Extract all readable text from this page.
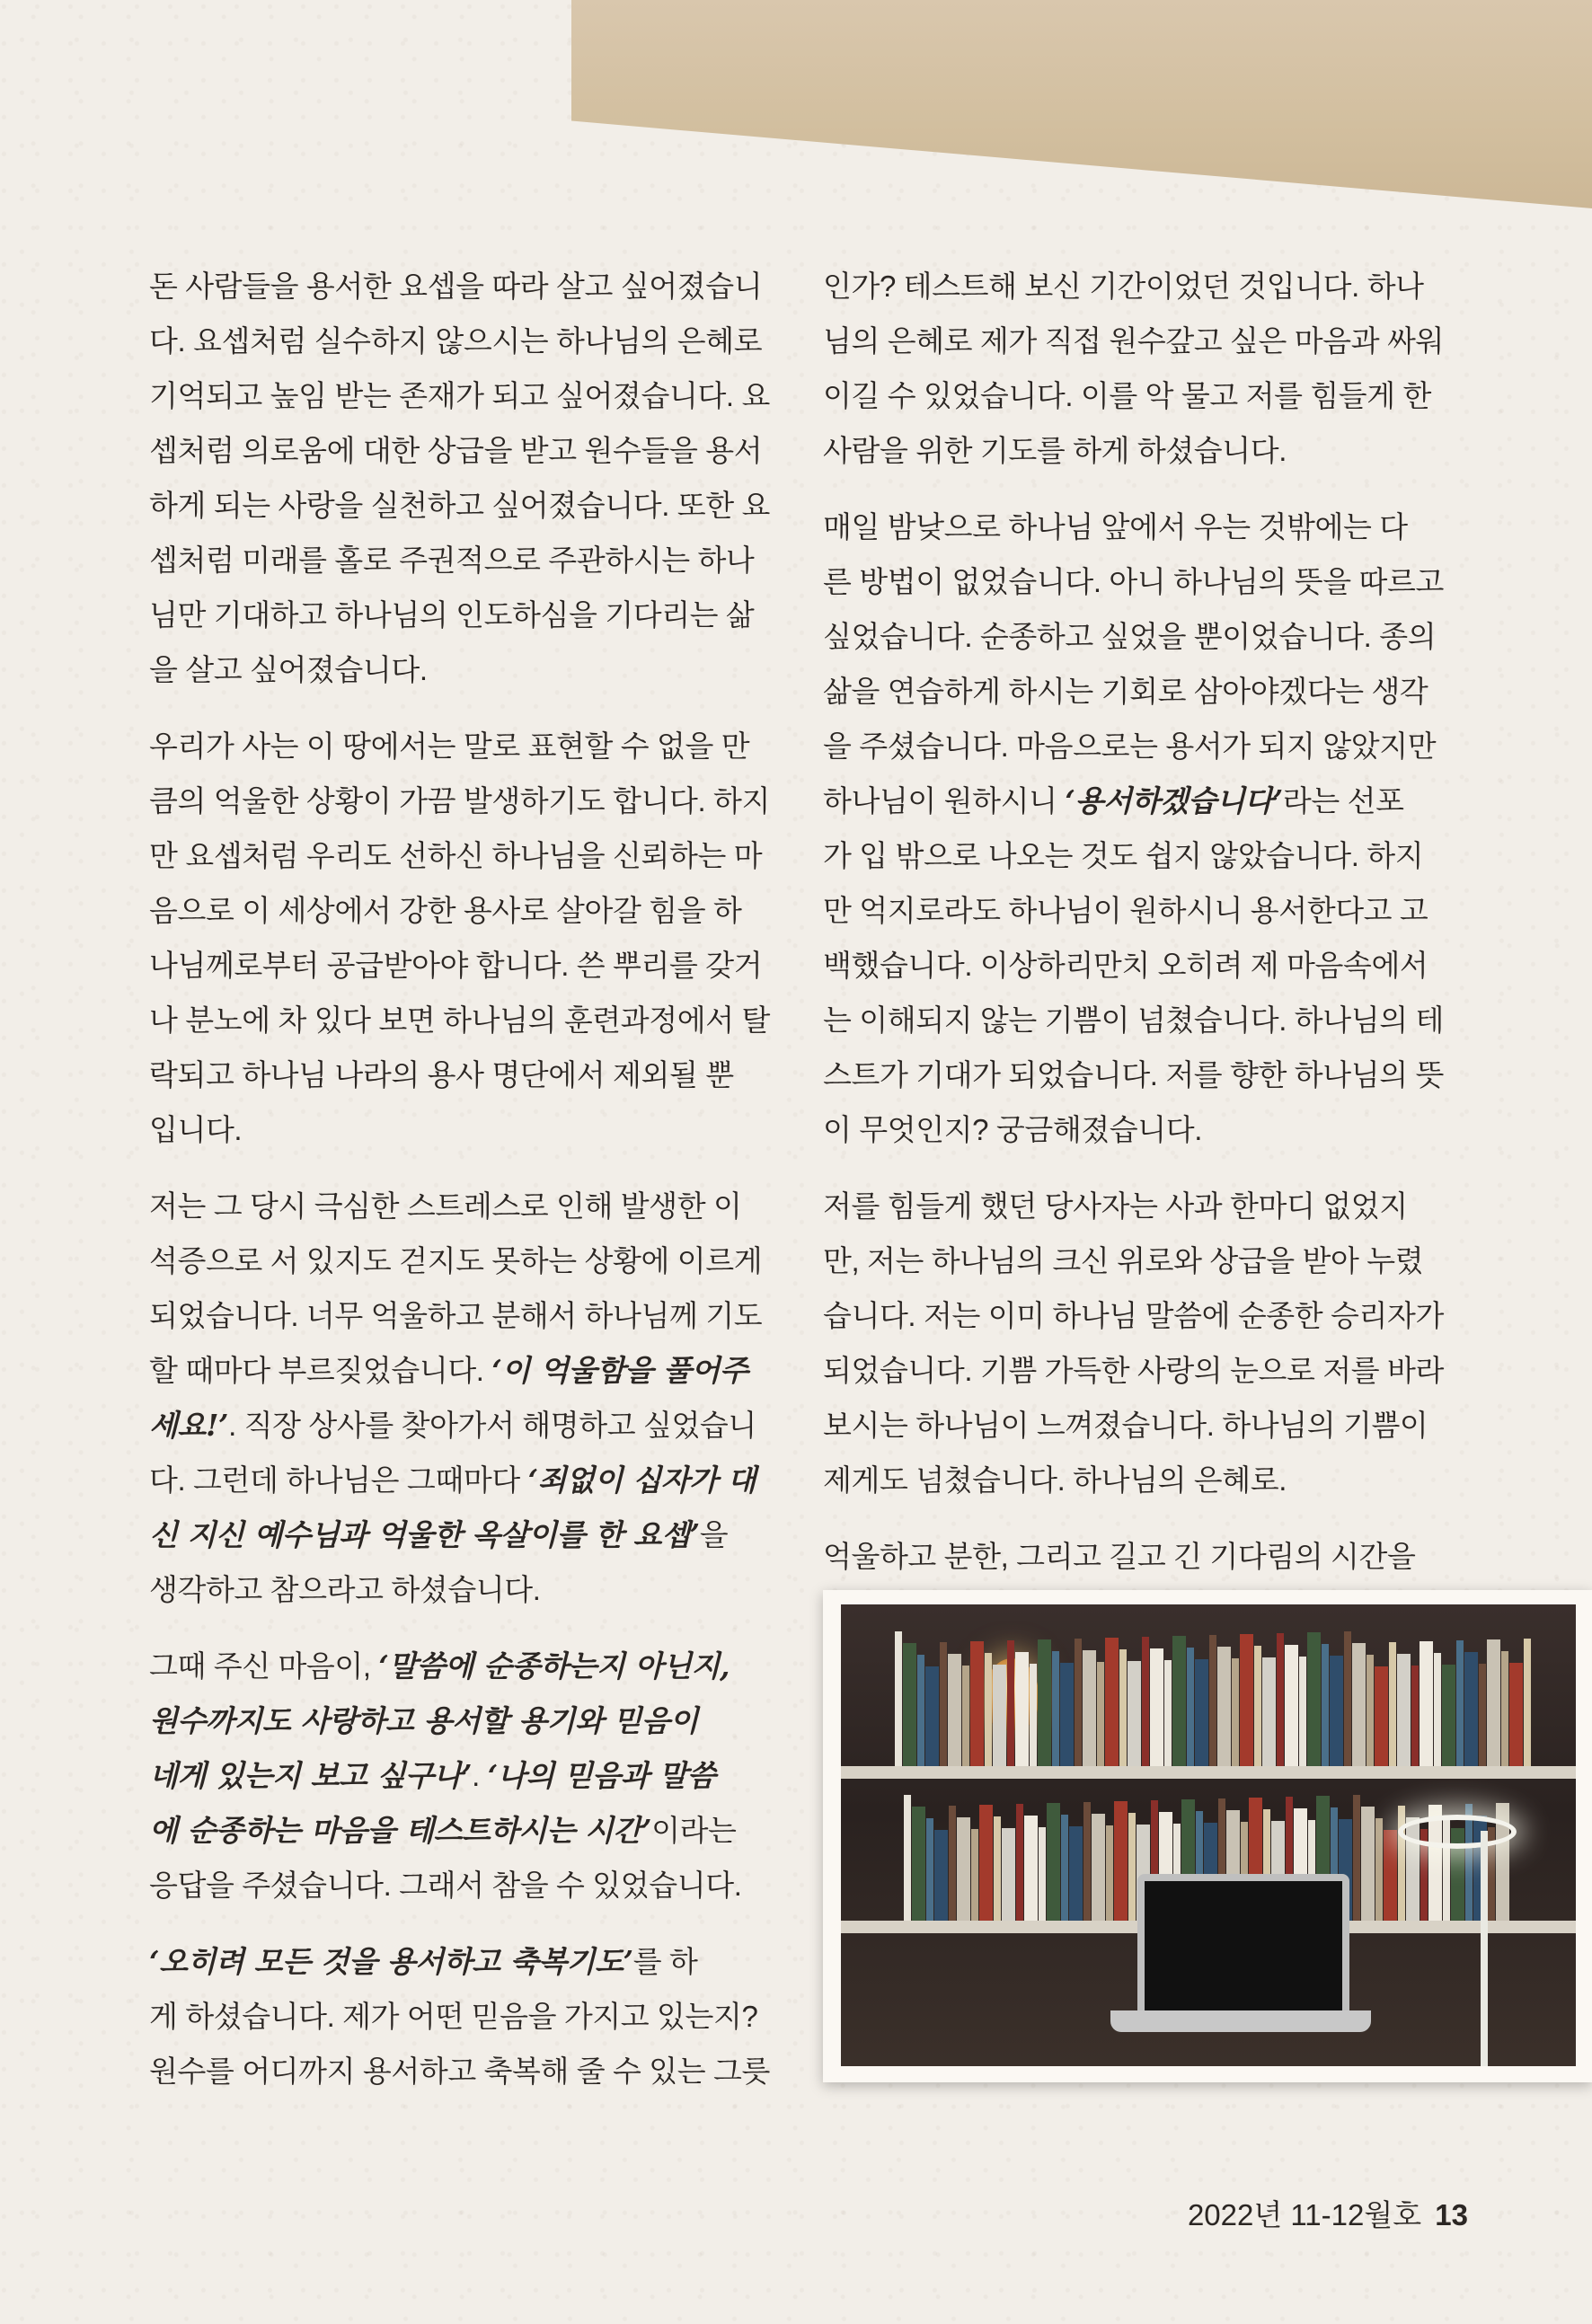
돈 사람들을 용서한 요셉을 따라 살고 싶어졌습니
다. 요셉처럼 실수하지 않으시는 하나님의 은혜로
기억되고 높임 받는 존재가 되고 싶어졌습니다. 요
셉처럼 의로움에 대한 상급을 받고 원수들을 용서
하게 되는 사랑을 실천하고 싶어졌습니다. 또한 요
셉처럼 미래를 홀로 주권적으로 주관하시는 하나
님만 기대하고 하나님의 인도하심을 기다리는 삶
을 살고 싶어졌습니다.

우리가 사는 이 땅에서는 말로 표현할 수 없을 만
큼의 억울한 상황이 가끔 발생하기도 합니다. 하지
만 요셉처럼 우리도 선하신 하나님을 신뢰하는 마
음으로 이 세상에서 강한 용사로 살아갈 힘을 하
나님께로부터 공급받아야 합니다. 쓴 뿌리를 갖거
나 분노에 차 있다 보면 하나님의 훈련과정에서 탈
락되고 하나님 나라의 용사 명단에서 제외될 뿐
입니다.

저는 그 당시 극심한 스트레스로 인해 발생한 이
석증으로 서 있지도 걷지도 못하는 상황에 이르게
되었습니다. 너무 억울하고 분해서 하나님께 기도
할 때마다 부르짖었습니다. ‘이 억울함을 풀어주
세요!’. 직장 상사를 찾아가서 해명하고 싶었습니
다. 그런데 하나님은 그때마다 ‘죄없이 십자가 대
신 지신 예수님과 억울한 옥살이를 한 요셉’을
생각하고 참으라고 하셨습니다.

그때 주신 마음이, ‘말씀에 순종하는지 아닌지,
원수까지도 사랑하고 용서할 용기와 믿음이
네게 있는지 보고 싶구나’. ‘나의 믿음과 말씀
에 순종하는 마음을 테스트하시는 시간’이라는
응답을 주셨습니다. 그래서 참을 수 있었습니다.

‘오히려 모든 것을 용서하고 축복기도’를 하
게 하셨습니다. 제가 어떤 믿음을 가지고 있는지?
원수를 어디까지 용서하고 축복해 줄 수 있는 그릇

인가? 테스트해 보신 기간이었던 것입니다. 하나
님의 은혜로 제가 직접 원수갚고 싶은 마음과 싸워
이길 수 있었습니다. 이를 악 물고 저를 힘들게 한
사람을 위한 기도를 하게 하셨습니다.

매일 밤낮으로 하나님 앞에서 우는 것밖에는 다
른 방법이 없었습니다. 아니 하나님의 뜻을 따르고
싶었습니다. 순종하고 싶었을 뿐이었습니다. 종의
삶을 연습하게 하시는 기회로 삼아야겠다는 생각
을 주셨습니다. 마음으로는 용서가 되지 않았지만
하나님이 원하시니 ‘용서하겠습니다’라는 선포
가 입 밖으로 나오는 것도 쉽지 않았습니다. 하지
만 억지로라도 하나님이 원하시니 용서한다고 고
백했습니다. 이상하리만치 오히려 제 마음속에서
는 이해되지 않는 기쁨이 넘쳤습니다. 하나님의 테
스트가 기대가 되었습니다. 저를 향한 하나님의 뜻
이 무엇인지? 궁금해졌습니다.

저를 힘들게 했던 당사자는 사과 한마디 없었지
만, 저는 하나님의 크신 위로와 상급을 받아 누렸
습니다. 저는 이미 하나님 말씀에 순종한 승리자가
되었습니다. 기쁨 가득한 사랑의 눈으로 저를 바라
보시는 하나님이 느껴졌습니다. 하나님의 기쁨이
제게도 넘쳤습니다. 하나님의 은혜로.

억울하고 분한, 그리고 길고 긴 기다림의 시간을

2022년 11-12월호 13
